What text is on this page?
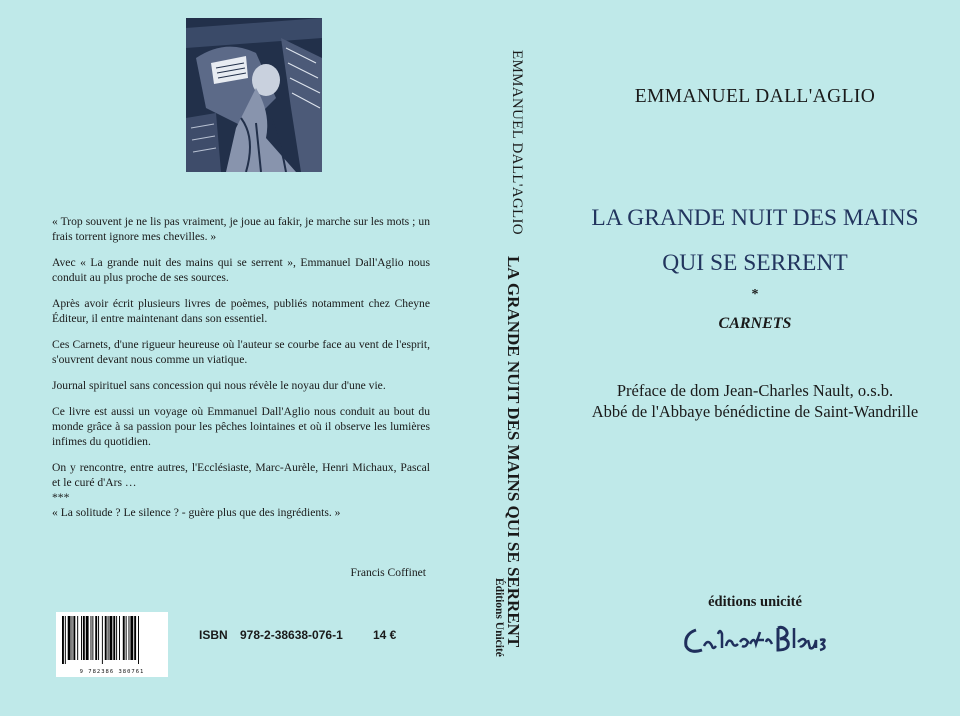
« Trop souvent je ne lis pas vraiment, je joue au fakir, je marche sur les mots ; un frais torrent ignore mes chevilles. »

Avec « La grande nuit des mains qui se serrent », Emmanuel Dall'Aglio nous conduit au plus proche de ses sources.

Après avoir écrit plusieurs livres de poèmes, publiés notamment chez Cheyne Éditeur, il entre maintenant dans son essentiel.

Ces Carnets, d'une rigueur heureuse où l'auteur se courbe face au vent de l'esprit, s'ouvrent devant nous comme un viatique.

Journal spirituel sans concession qui nous révèle le noyau dur d'une vie.

Ce livre est aussi un voyage où Emmanuel Dall'Aglio nous conduit au bout du monde grâce à sa passion pour les pêches lointaines et où il observe les lumières infimes du quotidien.

On y rencontre, entre autres, l'Ecclésiaste, Marc-Aurèle, Henri Michaux, Pascal et le curé d'Ars …

***

« La solitude ? Le silence ? - guère plus que des ingrédients. »

Francis Coffinet
9 782386 380761
ISBN 978-2-38638-076-1	14 €
EMMANUEL DALL'AGLIO
LA GRANDE NUIT DES MAINS QUI SE SERRENT
Éditions Unicité
EMMANUEL DALL'AGLIO
LA GRANDE NUIT DES MAINS
QUI SE SERRENT
*
CARNETS
Préface de dom Jean-Charles Nault, o.s.b.
Abbé de l'Abbaye bénédictine de Saint-Wandrille
éditions unicité
